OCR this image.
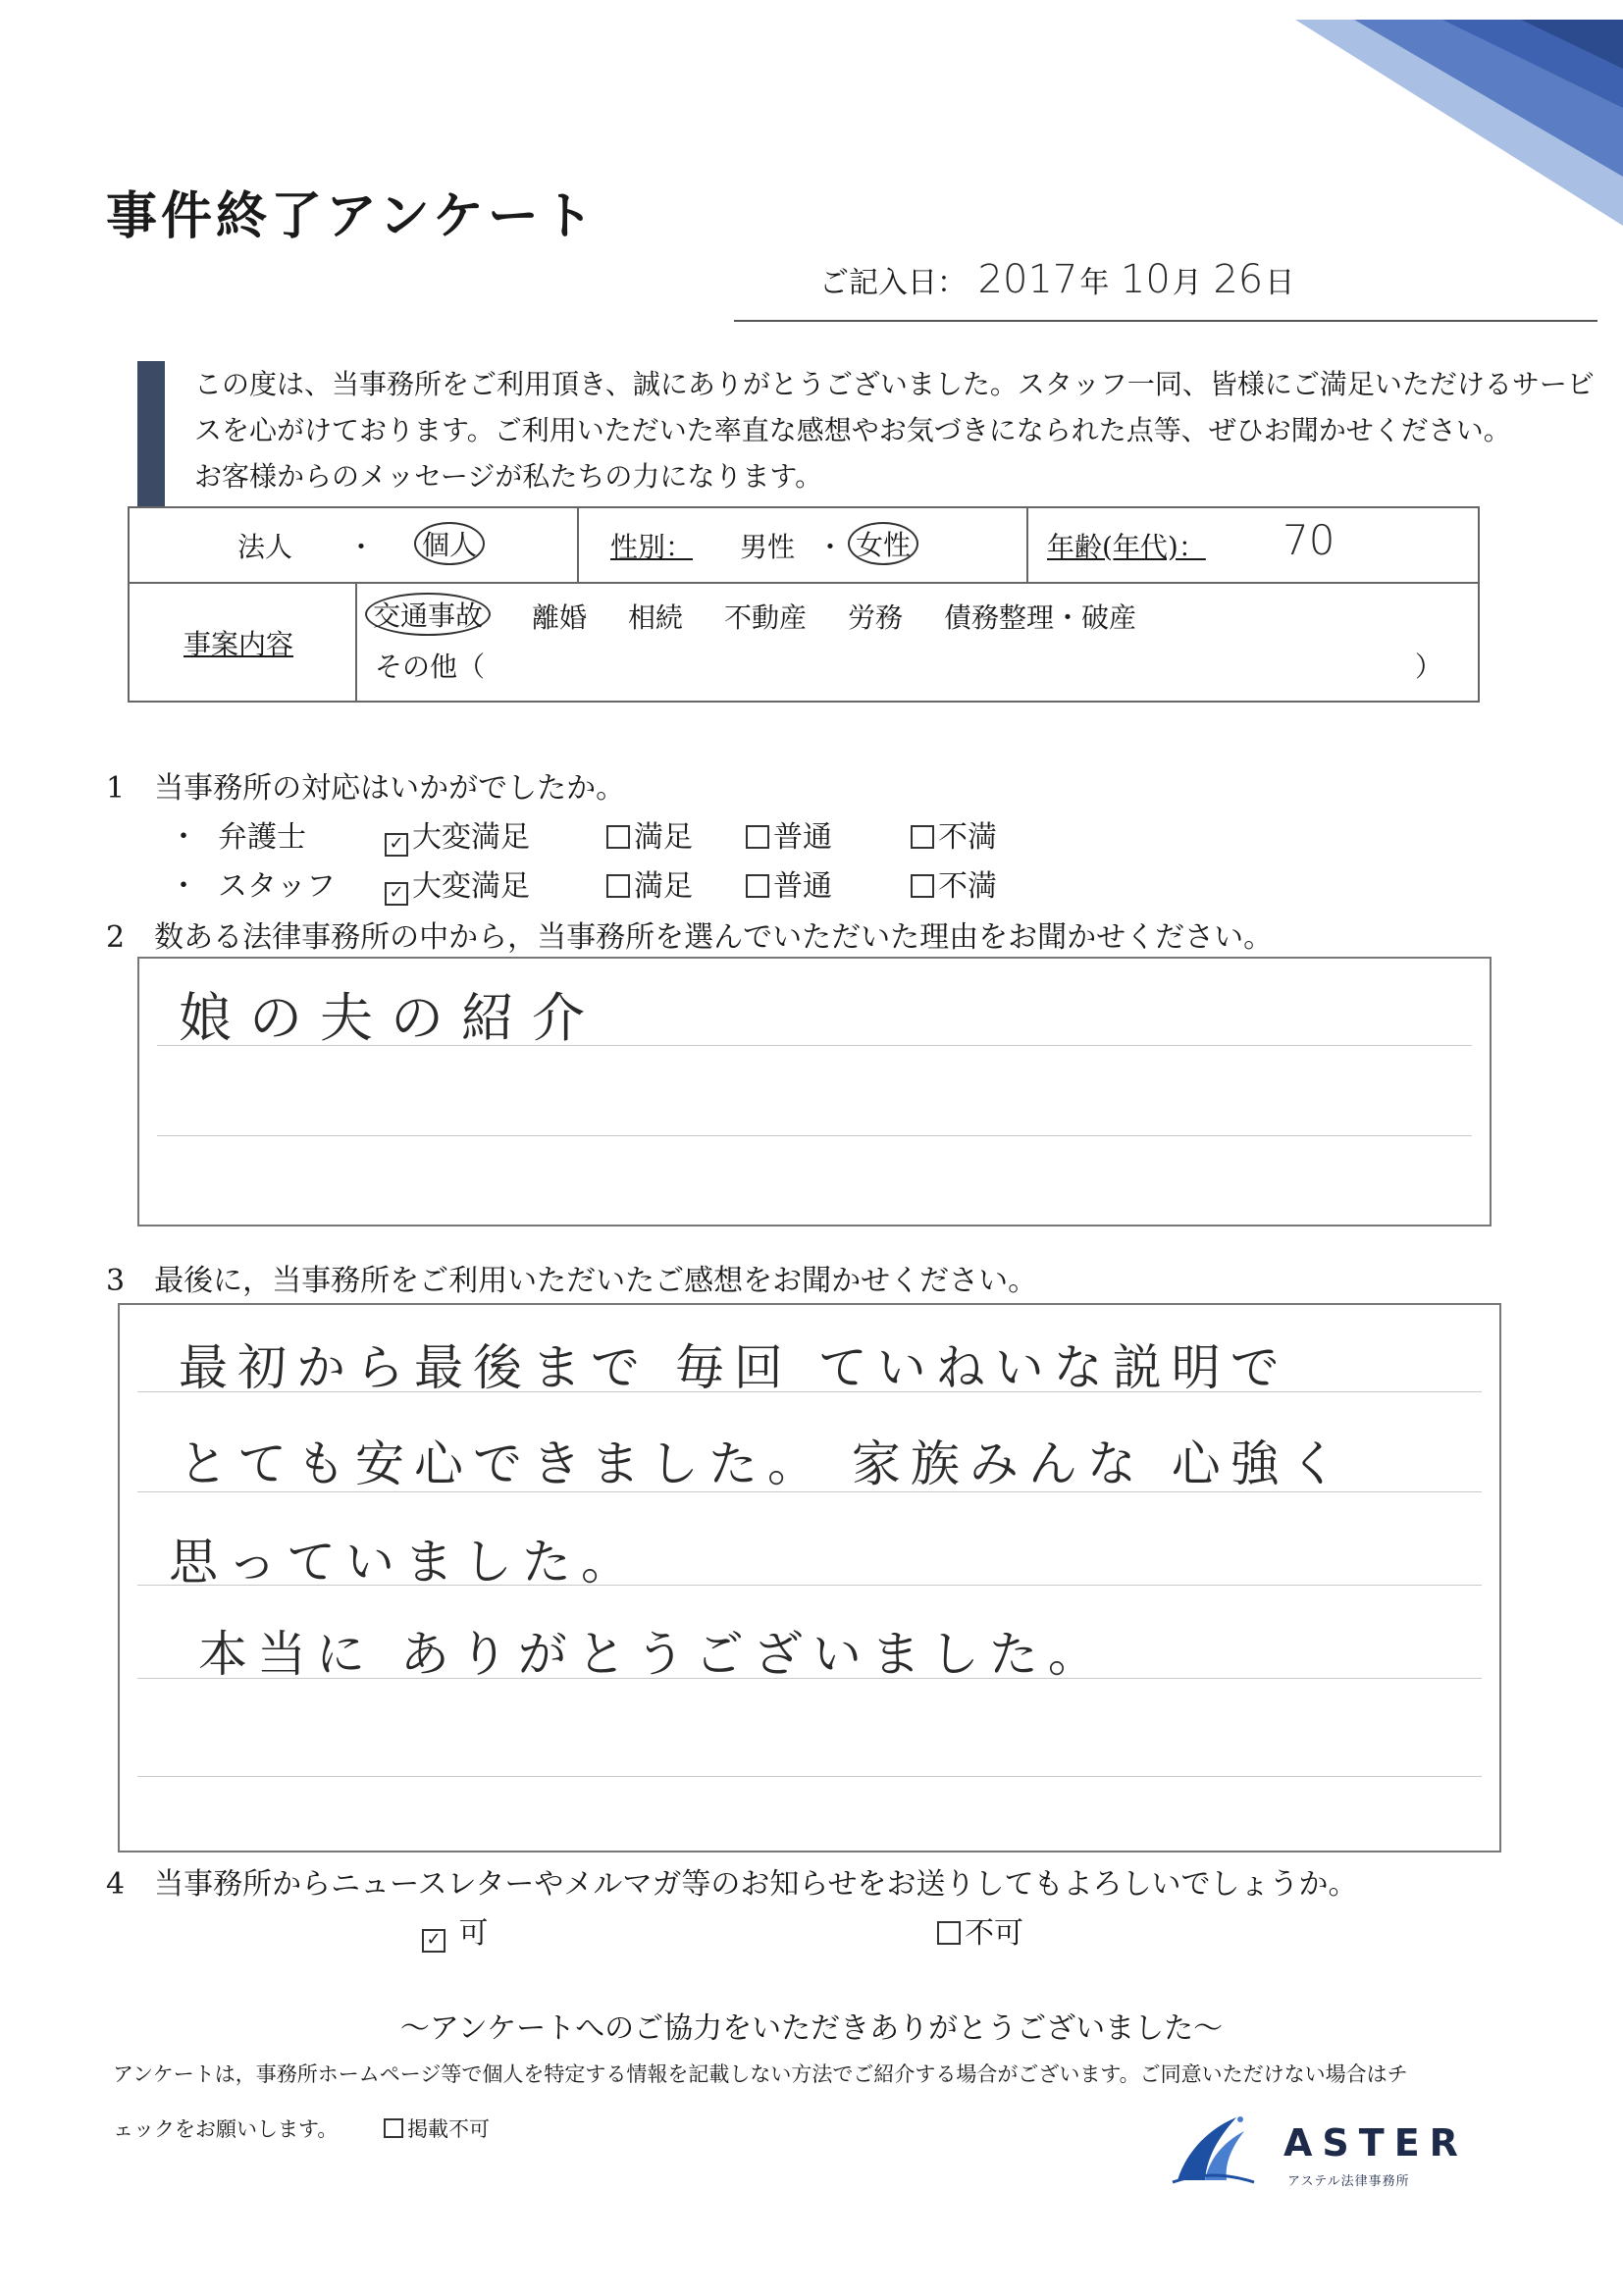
事件終了アンケート
ご記入日： 2017年 10月 26日
この度は、当事務所をご利用頂き、誠にありがとうございました。スタッフ一同、皆様にご満足いただけるサービ
スを心がけております。ご利用いただいた率直な感想やお気づきになられた点等、ぜひお聞かせください。
お客様からのメッセージが私たちの力になります。
法人 ・ 個人	性別： 男性 ・ 女性	年齢(年代)： 70
事案内容
交通事故 離婚 相続 不動産 労務 債務整理・破産
その他（	）
1　当事務所の対応はいかがでしたか。
・ 弁護士	✓ 大変満足	満足	普通	不満
・ スタッフ	✓ 大変満足	満足	普通	不満
2　数ある法律事務所の中から，当事務所を選んでいただいた理由をお聞かせください。
娘の夫の紹介
3　最後に，当事務所をご利用いただいたご感想をお聞かせください。
最初から最後まで 毎回 ていねいな説明で
とても安心できました。 家族みんな 心強く
思っていました。
本当に ありがとうございました。
4　当事務所からニュースレターやメルマガ等のお知らせをお送りしてもよろしいでしょうか。
✓ 可	不可
～アンケートへのご協力をいただきありがとうございました～
アンケートは，事務所ホームページ等で個人を特定する情報を記載しない方法でご紹介する場合がございます。ご同意いただけない場合はチ
ェックをお願いします。	掲載不可	ASTER
アステル法律事務所
